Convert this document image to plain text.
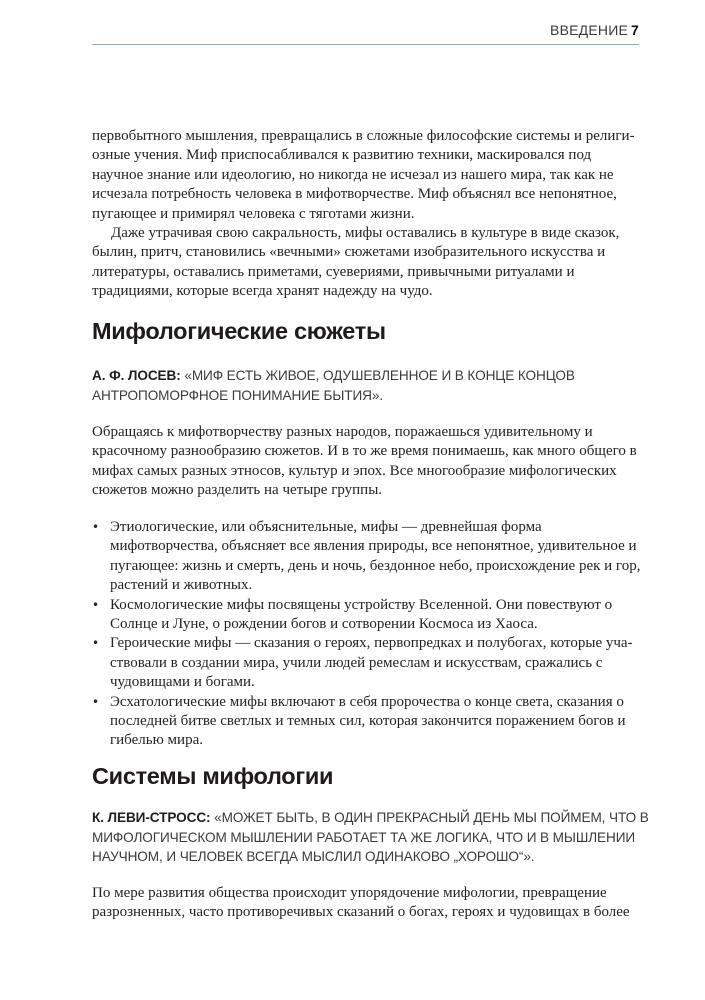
ВВЕДЕНИЕ 7

первобытного мышления, превращались в сложные философские системы и религиозные учения. Миф приспосабливался к развитию техники, маскировался под научное знание или идеологию, но никогда не исчезал из нашего мира, так как не исчезала потребность человека в мифотворчестве. Миф объяснял все непонятное, пугающее и примирял человека с тяготами жизни.

Даже утрачивая свою сакральность, мифы оставались в культуре в виде сказок, былин, притч, становились «вечными» сюжетами изобразительного искусства и литературы, оставались приметами, суевериями, привычными ритуалами и традициями, которые всегда хранят надежду на чудо.

Мифологические сюжеты
А. Ф. ЛОСЕВ: «МИФ ЕСТЬ ЖИВОЕ, ОДУШЕВЛЕННОЕ И В КОНЦЕ КОНЦОВ АНТРОПОМОРФНОЕ ПОНИМАНИЕ БЫТИЯ».

Обращаясь к мифотворчеству разных народов, поражаешься удивительному и красочному разнообразию сюжетов. И в то же время понимаешь, как много общего в мифах самых разных этносов, культур и эпох. Все многообразие мифологических сюжетов можно разделить на четыре группы.

• Этиологические, или объяснительные, мифы — древнейшая форма мифотворчества, объясняет все явления природы, все непонятное, удивительное и пугающее: жизнь и смерть, день и ночь, бездонное небо, происхождение рек и гор, растений и животных.
• Космологические мифы посвящены устройству Вселенной. Они повествуют о Солнце и Луне, о рождении богов и сотворении Космоса из Хаоса.
• Героические мифы — сказания о героях, первопредках и полубогах, которые участвовали в создании мира, учили людей ремеслам и искусствам, сражались с чудовищами и богами.
• Эсхатологические мифы включают в себя пророчества о конце света, сказания о последней битве светлых и темных сил, которая закончится поражением богов и гибелью мира.
Системы мифологии
К. ЛЕВИ-СТРОСС: «МОЖЕТ БЫТЬ, В ОДИН ПРЕКРАСНЫЙ ДЕНЬ МЫ ПОЙМЕМ, ЧТО В МИФОЛОГИЧЕСКОМ МЫШЛЕНИИ РАБОТАЕТ ТА ЖЕ ЛОГИКА, ЧТО И В МЫШЛЕНИИ НАУЧНОМ, И ЧЕЛОВЕК ВСЕГДА МЫСЛИЛ ОДИНАКОВО „ХОРОШО“».

По мере развития общества происходит упорядочение мифологии, превращение разрозненных, часто противоречивых сказаний о богах, героях и чудовищах в более
